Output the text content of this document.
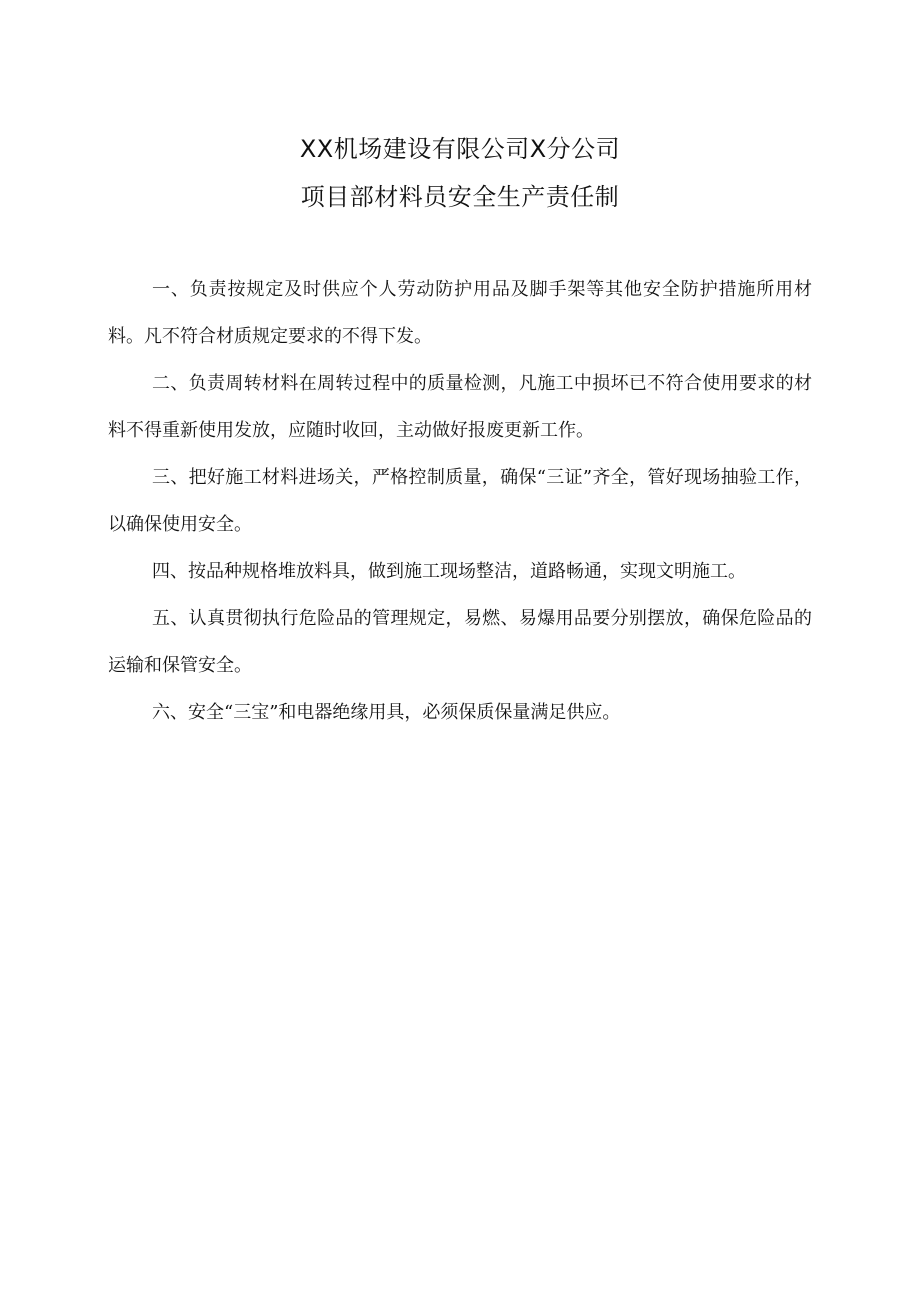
XX机场建设有限公司X分公司
项目部材料员安全生产责任制

一、负责按规定及时供应个人劳动防护用品及脚手架等其他安全防护措施所用材料。凡不符合材质规定要求的不得下发。

二、负责周转材料在周转过程中的质量检测，凡施工中损坏已不符合使用要求的材料不得重新使用发放，应随时收回，主动做好报废更新工作。

三、把好施工材料进场关，严格控制质量，确保“三证”齐全，管好现场抽验工作，以确保使用安全。

四、按品种规格堆放料具，做到施工现场整洁，道路畅通，实现文明施工。

五、认真贯彻执行危险品的管理规定，易燃、易爆用品要分别摆放，确保危险品的运输和保管安全。

六、安全“三宝”和电器绝缘用具，必须保质保量满足供应。
